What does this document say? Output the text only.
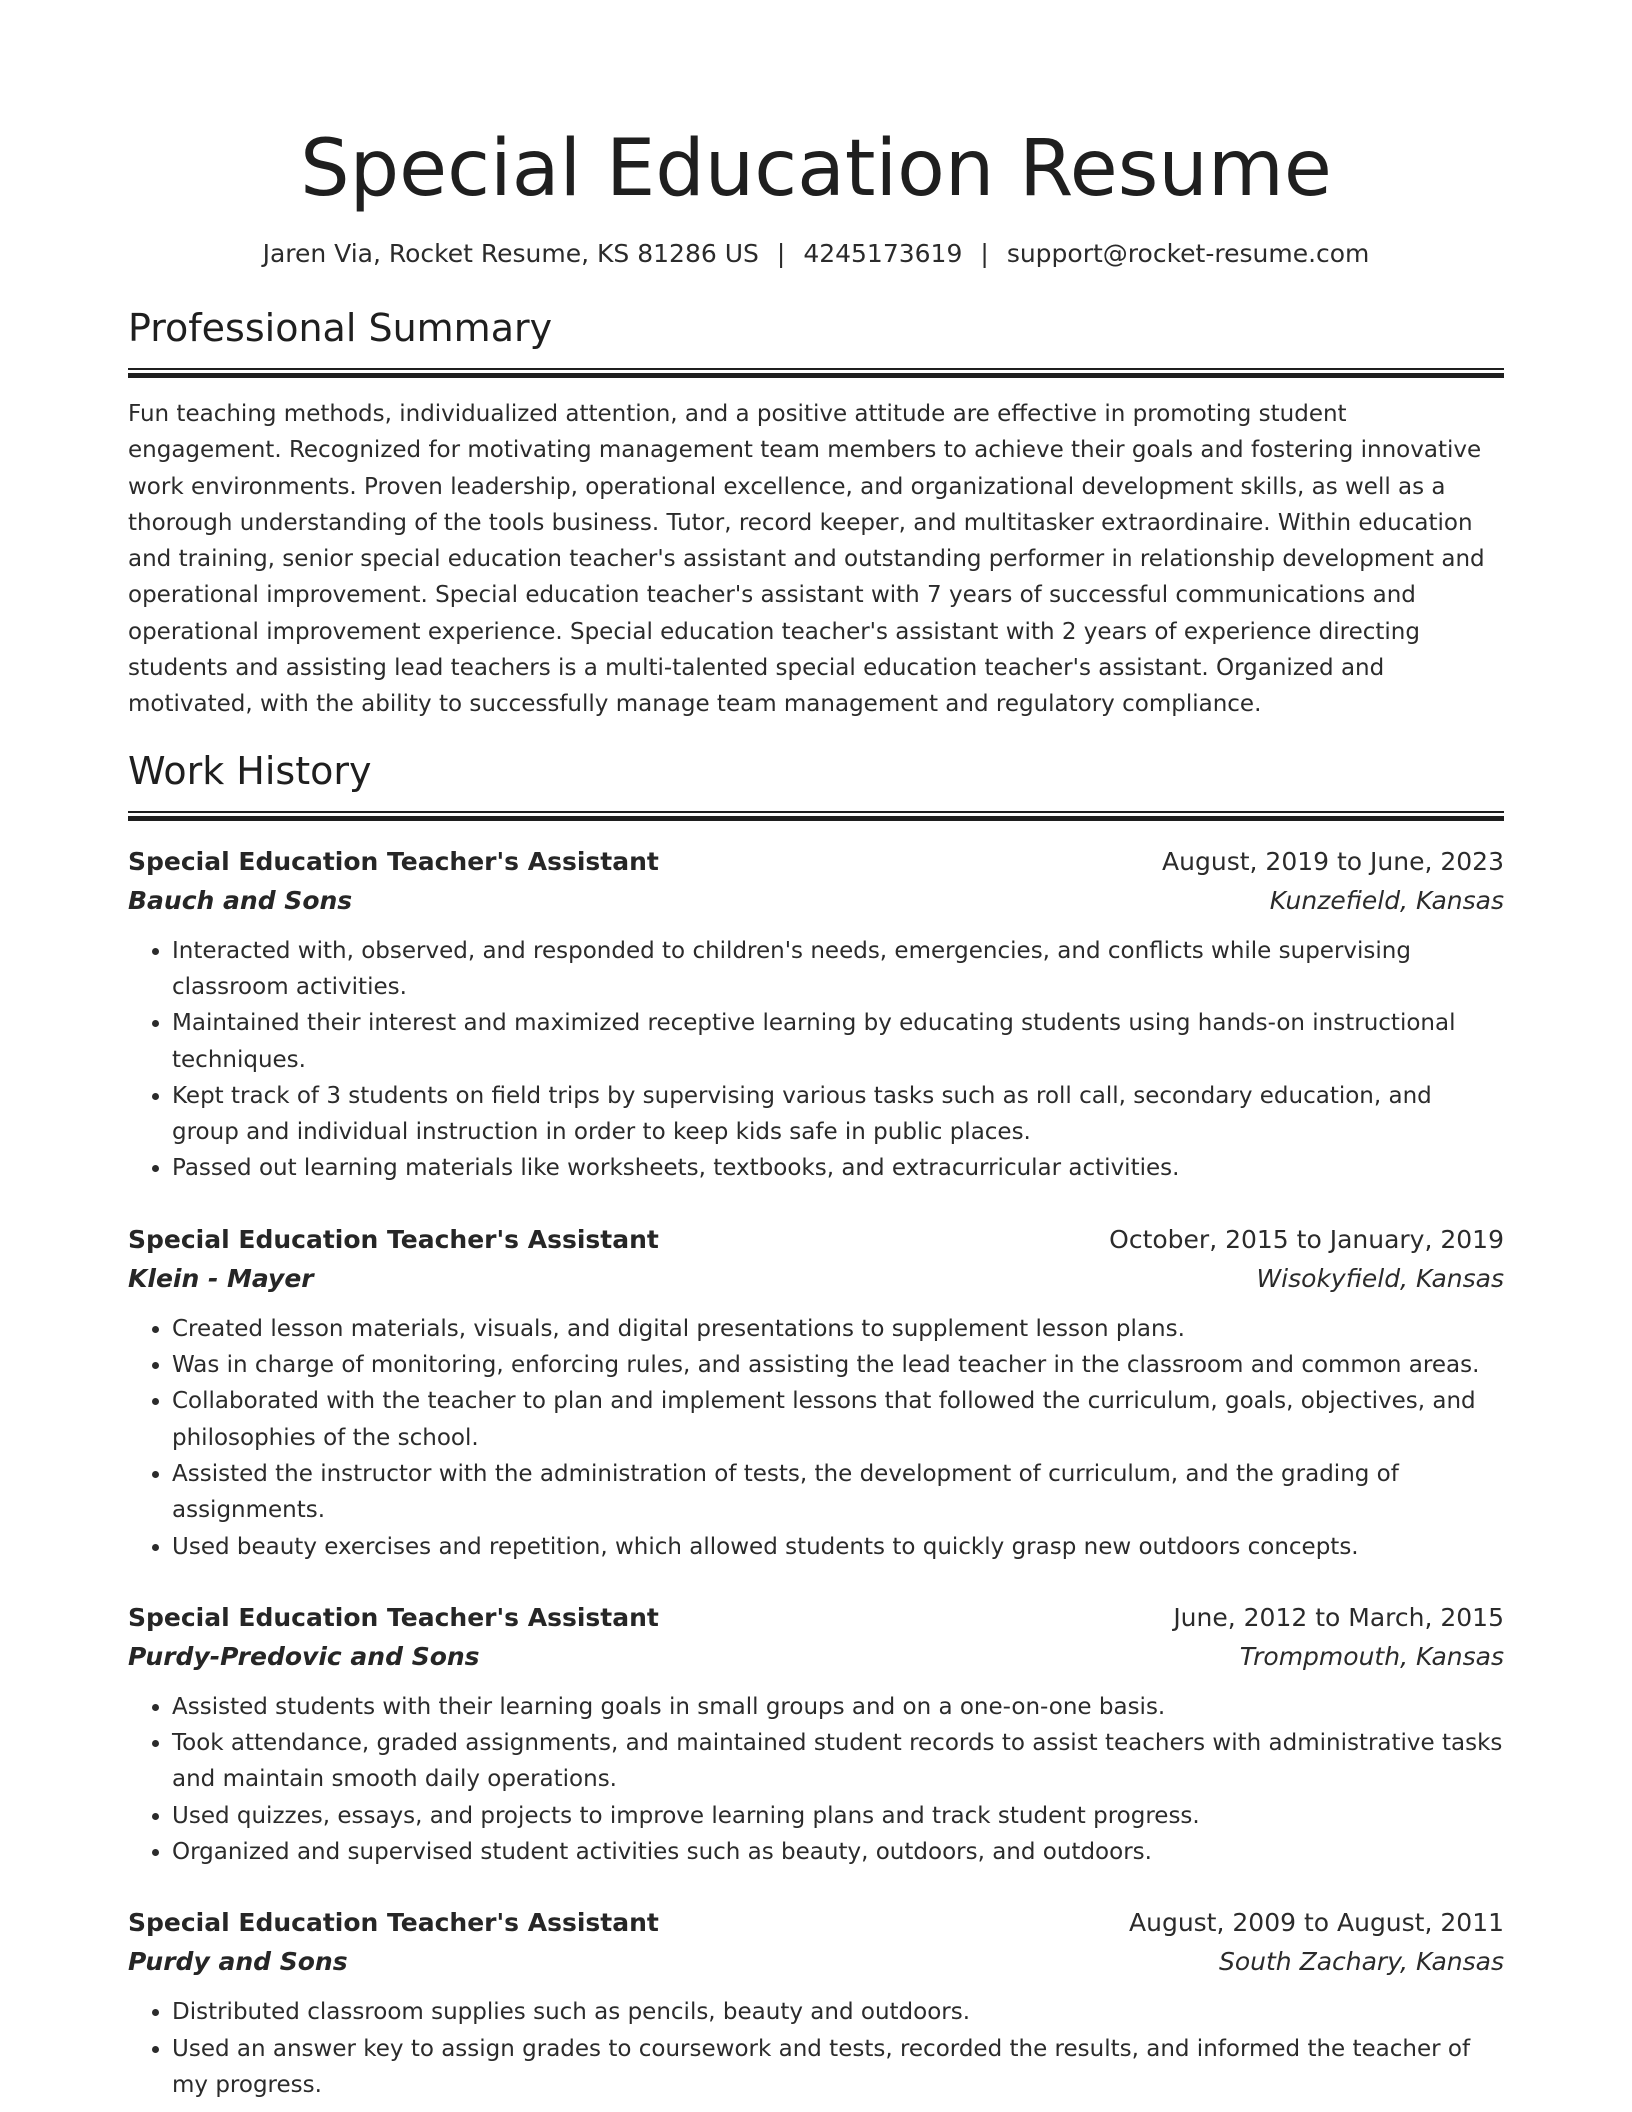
Special Education Resume
Jaren Via, Rocket Resume, KS 81286 US | 4245173619 | support@rocket-resume.com
Professional Summary

Fun teaching methods, individualized attention, and a positive attitude are effective in promoting student engagement. Recognized for motivating management team members to achieve their goals and fostering innovative work environments. Proven leadership, operational excellence, and organizational development skills, as well as a thorough understanding of the tools business. Tutor, record keeper, and multitasker extraordinaire. Within education and training, senior special education teacher's assistant and outstanding performer in relationship development and operational improvement. Special education teacher's assistant with 7 years of successful communications and operational improvement experience. Special education teacher's assistant with 2 years of experience directing students and assisting lead teachers is a multi-talented special education teacher's assistant. Organized and motivated, with the ability to successfully manage team management and regulatory compliance.

Work History
Special Education Teacher's Assistant	August, 2019 to June, 2023
Bauch and Sons	Kunzefield, Kansas
• Interacted with, observed, and responded to children's needs, emergencies, and conflicts while supervising classroom activities.
• Maintained their interest and maximized receptive learning by educating students using hands-on instructional techniques.
• Kept track of 3 students on field trips by supervising various tasks such as roll call, secondary education, and group and individual instruction in order to keep kids safe in public places.
• Passed out learning materials like worksheets, textbooks, and extracurricular activities.
Special Education Teacher's Assistant	October, 2015 to January, 2019
Klein - Mayer	Wisokyfield, Kansas
• Created lesson materials, visuals, and digital presentations to supplement lesson plans.
• Was in charge of monitoring, enforcing rules, and assisting the lead teacher in the classroom and common areas.
• Collaborated with the teacher to plan and implement lessons that followed the curriculum, goals, objectives, and philosophies of the school.
• Assisted the instructor with the administration of tests, the development of curriculum, and the grading of assignments.
• Used beauty exercises and repetition, which allowed students to quickly grasp new outdoors concepts.
Special Education Teacher's Assistant	June, 2012 to March, 2015
Purdy-Predovic and Sons	Trompmouth, Kansas
• Assisted students with their learning goals in small groups and on a one-on-one basis.
• Took attendance, graded assignments, and maintained student records to assist teachers with administrative tasks and maintain smooth daily operations.
• Used quizzes, essays, and projects to improve learning plans and track student progress.
• Organized and supervised student activities such as beauty, outdoors, and outdoors.
Special Education Teacher's Assistant	August, 2009 to August, 2011
Purdy and Sons	South Zachary, Kansas
• Distributed classroom supplies such as pencils, beauty and outdoors.
• Used an answer key to assign grades to coursework and tests, recorded the results, and informed the teacher of my progress.
